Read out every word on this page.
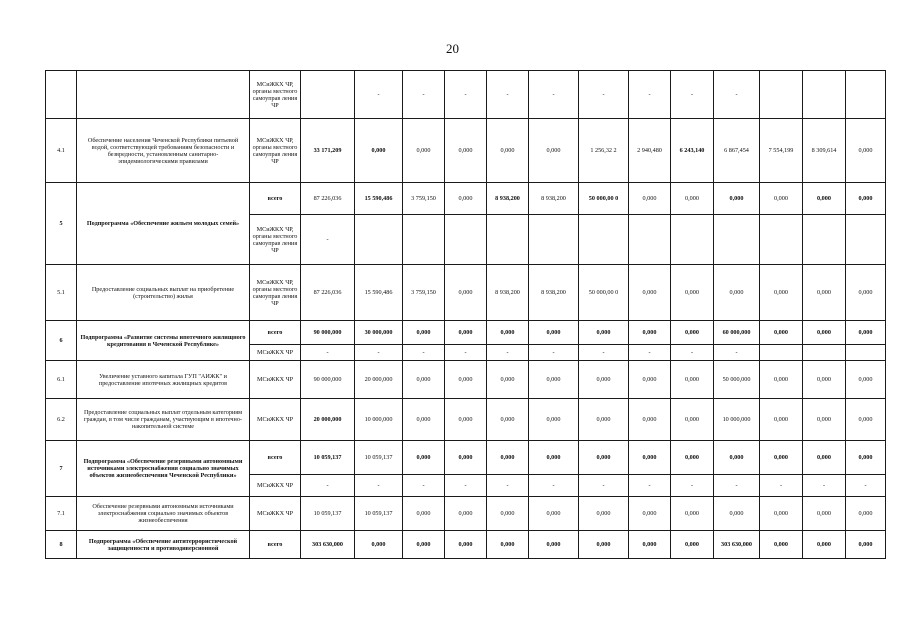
20
		МСиЖКХ ЧР, органы местного самоуправ ления ЧР		-	-	-	-	-	-	-	-	-			
4.1	Обеспечение населения Чеченской Республики питьевой водой, соответствующей требованиям безопасности и безвредности, установленным санитарно-эпидемиологическими правилами	МСиЖКХ ЧР, органы местного самоуправ ления ЧР	33 171,209	0,000	0,000	0,000	0,000	0,000	1 256,32 2	2 940,480	6 243,140	6 867,454	7 554,199	8 309,614	0,000
5	Подпрограмма «Обеспечение жильем молодых семей»	всего	87 226,036	15 590,486	3 759,150	0,000	8 938,200	8 938,200	50 000,00 0	0,000	0,000	0,000	0,000	0,000	0,000
		МСиЖКХ ЧР, органы местного самоуправ ления ЧР	-												
5.1	Предоставление социальных выплат на приобретение (строительство) жилья	МСиЖКХ ЧР, органы местного самоуправ ления ЧР	87 226,036	15 590,486	3 759,150	0,000	8 938,200	8 938,200	50 000,00 0	0,000	0,000	0,000	0,000	0,000	0,000
6	Подпрограмма «Развитие системы ипотечного жилищного кредитования в Чеченской Республике»	всего	90 000,000	30 000,000	0,000	0,000	0,000	0,000	0,000	0,000	0,000	60 000,000	0,000	0,000	0,000
		МСиЖКХ ЧР	-	-	-	-	-	-	-	-	-	-			
6.1	Увеличение уставного капитала ГУП "АИЖК" и предоставление ипотечных жилищных кредитов	МСиЖКХ ЧР	90 000,000	20 000,000	0,000	0,000	0,000	0,000	0,000	0,000	0,000	50 000,000	0,000	0,000	0,000
6.2	Предоставление социальных выплат отдельным категориям граждан, в том числе гражданам, участвующим в ипотечно-накопительной системе	МСиЖКХ ЧР	20 000,000	10 000,000	0,000	0,000	0,000	0,000	0,000	0,000	0,000	10 000,000	0,000	0,000	0,000
7	Подпрограмма «Обеспечение резервными автономными источниками электроснабжения социально значимых объектов жизнеобеспечения Чеченской Республики»	всего	10 059,137	10 059,137	0,000	0,000	0,000	0,000	0,000	0,000	0,000	0,000	0,000	0,000	0,000
		МСиЖКХ ЧР	-	-	-	-	-	-	-	-	-	-	-	-	-
7.1	Обеспечение резервными автономными источниками электроснабжения социально значимых объектов жизнеобеспечения	МСиЖКХ ЧР	10 059,137	10 059,137	0,000	0,000	0,000	0,000	0,000	0,000	0,000	0,000	0,000	0,000	0,000
8	Подпрограмма «Обеспечение антитеррористической защищенности и противодиверсионной	всего	303 630,000	0,000	0,000	0,000	0,000	0,000	0,000	0,000	0,000	303 630,000	0,000	0,000	0,000
